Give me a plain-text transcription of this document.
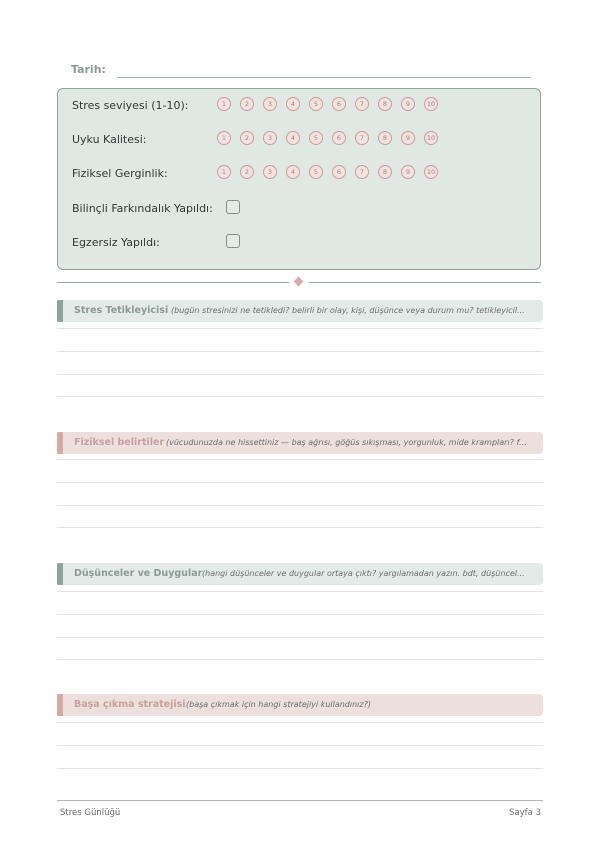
Tarih:
Stres seviyesi (1-10):	1	2	3	4	5	6	7	8	9	10
Uyku Kalitesi:	1	2	3	4	5	6	7	8	9	10
Fiziksel Gerginlik:	1	2	3	4	5	6	7	8	9	10
Bilinçli Farkındalık Yapıldı:
Egzersiz Yapıldı:
Stres Tetikleyicisi (bugün stresinizi ne tetikledi? belirli bir olay, kişi, düşünce veya durum mu? tetikleyicil...
Fiziksel belirtiler (vücudunuzda ne hissettiniz — baş ağrısı, göğüs sıkışması, yorgunluk, mide krampları? f...
Düşünceler ve Duygular (hangi düşünceler ve duygular ortaya çıktı? yargılamadan yazın. bdt, düşüncel...
Başa çıkma stratejisi (başa çıkmak için hangi stratejiyi kullandınız?)
Stres Günlüğü	Sayfa 3
